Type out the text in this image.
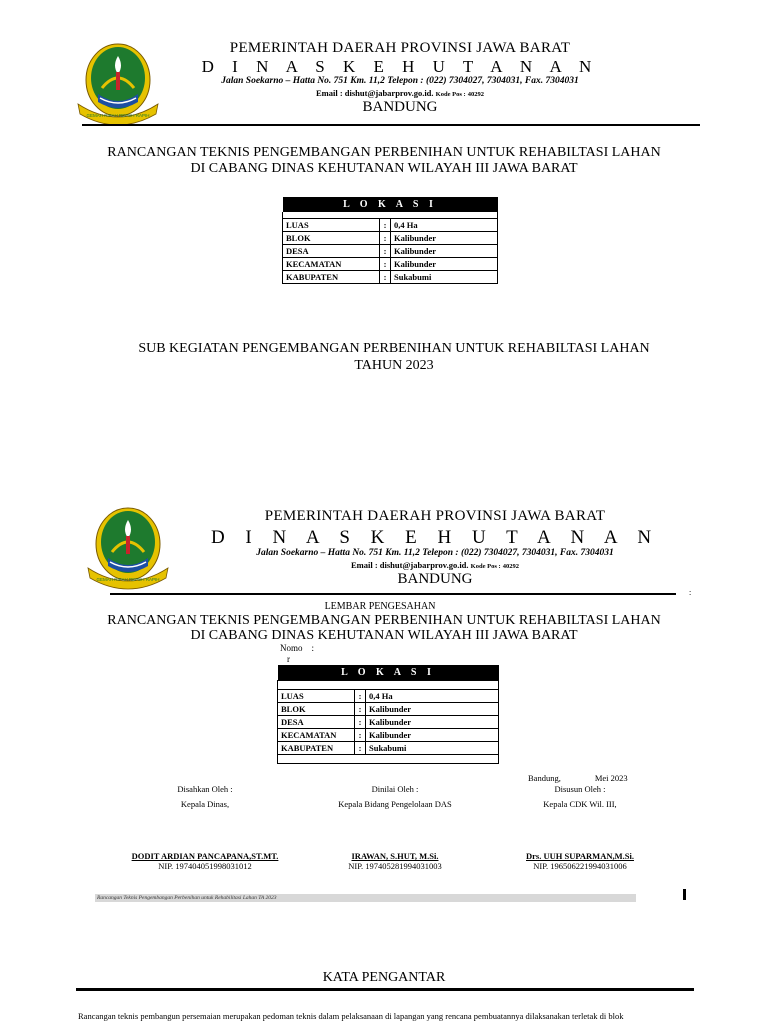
GEMAH RIPAH REPEH RAPIH
PEMERINTAH DAERAH PROVINSI JAWA BARAT
D I N A S K E H U T A N A N
Jalan Soekarno – Hatta No. 751 Km. 11,2 Telepon : (022) 7304027, 7304031, Fax. 7304031
Email : dishut@jabarprov.go.id. Kode Pos : 40292
BANDUNG
RANCANGAN TEKNIS PENGEMBANGAN PERBENIHAN UNTUK REHABILTASI LAHAN
DI CABANG DINAS KEHUTANAN WILAYAH III JAWA BARAT
L O K A S I		

LUAS	:	0,4 Ha
BLOK	:	Kalibunder
DESA	:	Kalibunder
KECAMATAN	:	Kalibunder
KABUPATEN	:	Sukabumi
SUB KEGIATAN PENGEMBANGAN PERBENIHAN UNTUK REHABILTASI LAHAN
TAHUN 2023
GEMAH RIPAH REPEH RAPIH
PEMERINTAH DAERAH PROVINSI JAWA BARAT
D I N A S K E H U T A N A N
Jalan Soekarno – Hatta No. 751 Km. 11,2 Telepon : (022) 7304027, 7304031, Fax. 7304031
Email : dishut@jabarprov.go.id. Kode Pos : 40292
BANDUNG
:
LEMBAR PENGESAHAN
RANCANGAN TEKNIS PENGEMBANGAN PERBENIHAN UNTUK REHABILTASI LAHAN
DI CABANG DINAS KEHUTANAN WILAYAH III JAWA BARAT
Nomo :
r
L O K A S I		

LUAS	:	0,4 Ha
BLOK	:	Kalibunder
DESA	:	Kalibunder
KECAMATAN	:	Kalibunder
KABUPATEN	:	Sukabumi

Bandung,	Mei 2023
Disahkan Oleh :
Kepala Dinas,
DODIT ARDIAN PANCAPANA,ST.MT.
NIP. 197404051998031012
Dinilai Oleh :
Kepala Bidang Pengelolaan DAS
IRAWAN, S.HUT, M.Si.
NIP. 197405281994031003
Disusun Oleh :
Kepala CDK Wil. III,
Drs. UUH SUPARMAN,M.Si.
NIP. 196506221994031006
Rancangan Teknis Pengembangan Perbenihan untuk Rehabilitasi Lahan TA 2023
KATA PENGANTAR
Rancangan teknis pembangun persemaian merupakan pedoman teknis dalam pelaksanaan di lapangan yang rencana pembuatannya dilaksanakan terletak di blok
